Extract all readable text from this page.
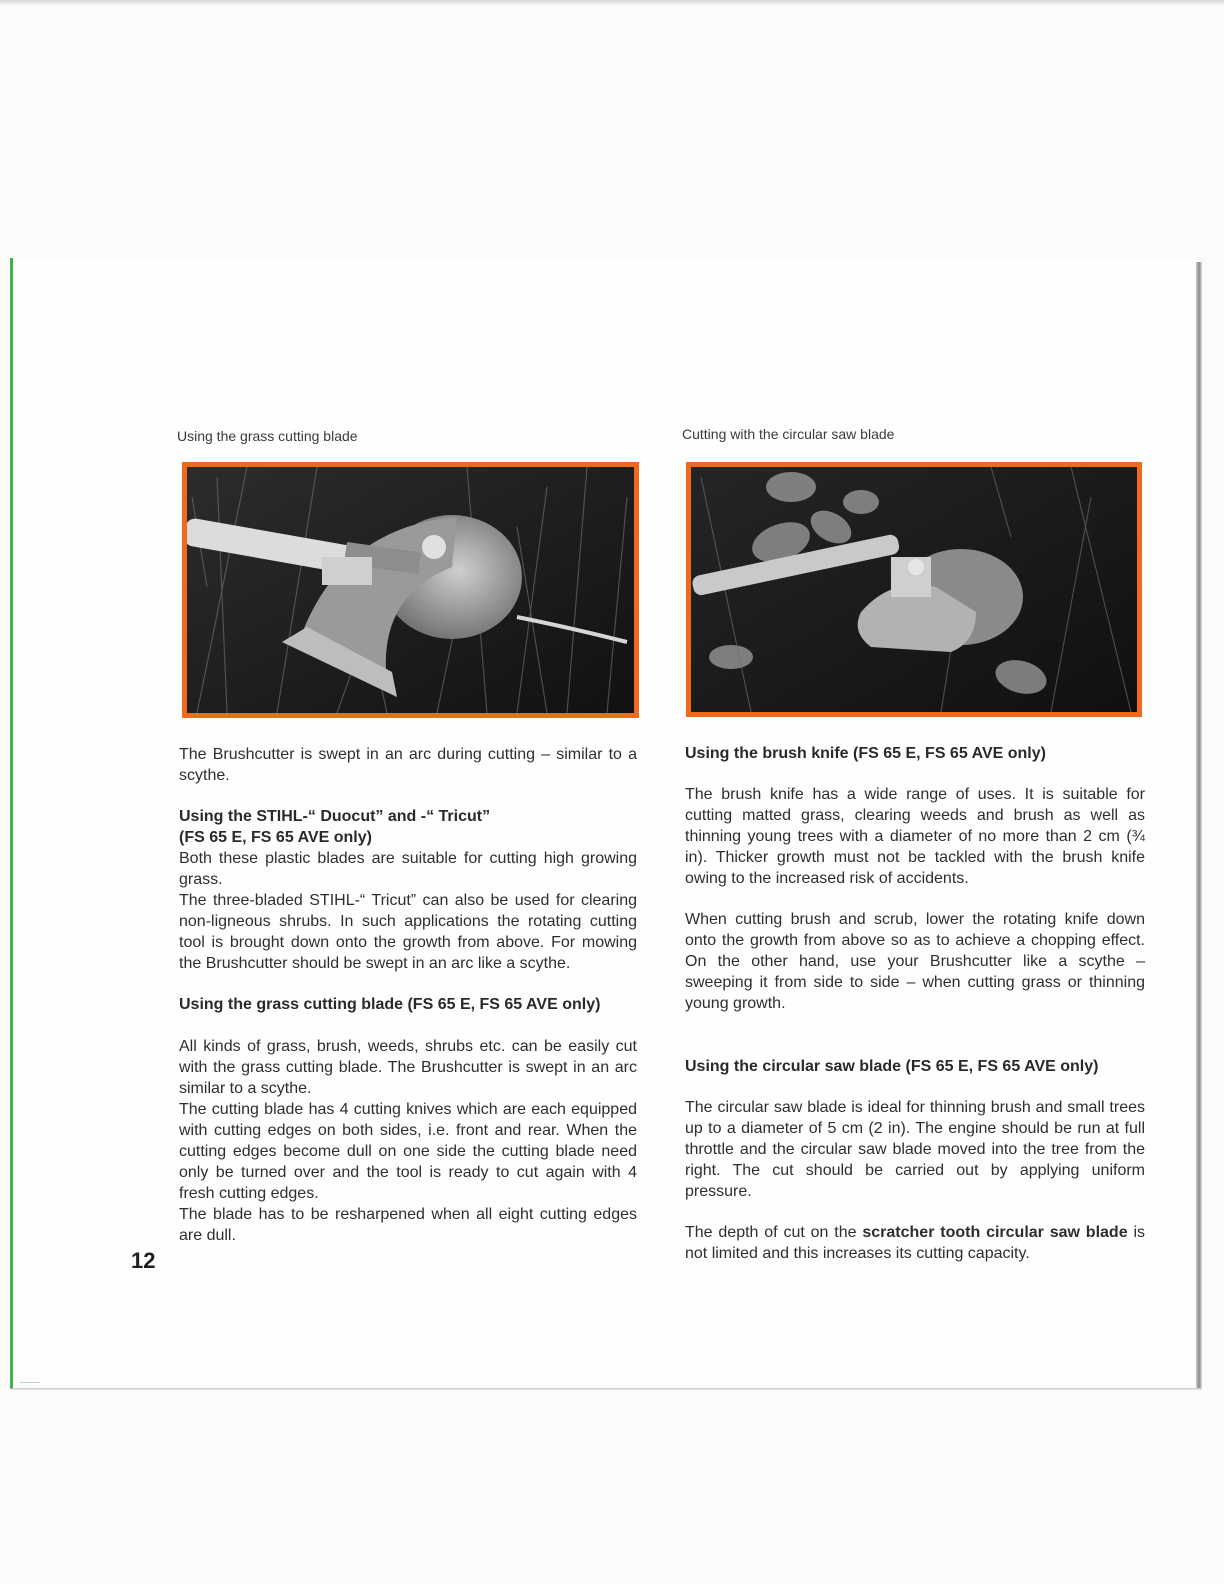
Using the grass cutting blade	Cutting with the circular saw blade

The Brushcutter is swept in an arc during cutting – similar to a scythe.

Using the STIHL-“ Duocut” and -“ Tricut”
(FS 65 E, FS 65 AVE only)

Both these plastic blades are suitable for cutting high growing grass.

The three-bladed STIHL-“ Tricut” can also be used for clearing non-ligneous shrubs. In such applications the rotating cutting tool is brought down onto the growth from above. For mowing the Brushcutter should be swept in an arc like a scythe.

Using the grass cutting blade (FS 65 E, FS 65 AVE only)

All kinds of grass, brush, weeds, shrubs etc. can be easily cut with the grass cutting blade. The Brushcutter is swept in an arc similar to a scythe.

The cutting blade has 4 cutting knives which are each equipped with cutting edges on both sides, i.e. front and rear. When the cutting edges become dull on one side the cutting blade need only be turned over and the tool is ready to cut again with 4 fresh cutting edges.

The blade has to be resharpened when all eight cutting edges are dull.

Using the brush knife (FS 65 E, FS 65 AVE only)

The brush knife has a wide range of uses. It is suitable for cutting matted grass, clearing weeds and brush as well as thinning young trees with a diameter of no more than 2 cm (¾ in). Thicker growth must not be tackled with the brush knife owing to the increased risk of accidents.

When cutting brush and scrub, lower the rotating knife down onto the growth from above so as to achieve a chopping effect. On the other hand, use your Brushcutter like a scythe – sweeping it from side to side – when cutting grass or thinning young growth.

Using the circular saw blade (FS 65 E, FS 65 AVE only)

The circular saw blade is ideal for thinning brush and small trees up to a diameter of 5 cm (2 in). The engine should be run at full throttle and the circular saw blade moved into the tree from the right. The cut should be carried out by applying uniform pressure.

The depth of cut on the scratcher tooth circular saw blade is not limited and this increases its cutting capacity.

12
